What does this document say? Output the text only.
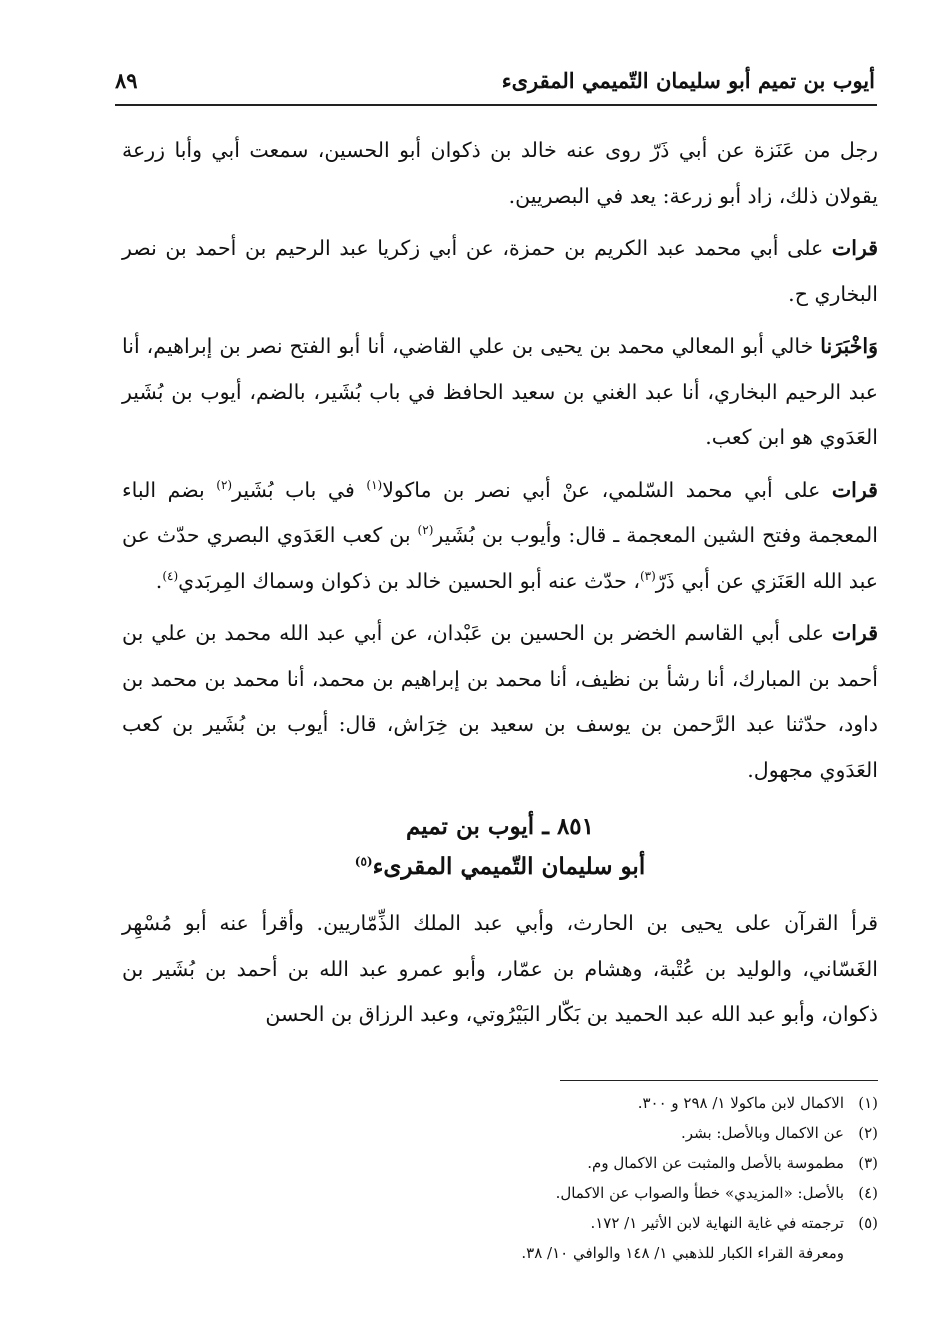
أيوب بن تميم أبو سليمان التّميمي المقرىء
٨٩

رجل من عَنَزة عن أبي ذَرّ روى عنه خالد بن ذكوان أبو الحسين، سمعت أبي وأبا زرعة يقولان ذلك، زاد أبو زرعة: يعد في البصريين.

قرات على أبي محمد عبد الكريم بن حمزة، عن أبي زكريا عبد الرحيم بن أحمد بن نصر البخاري ح.

وَاخْبَرَنا خالي أبو المعالي محمد بن يحيى بن علي القاضي، أنا أبو الفتح نصر بن إبراهيم، أنا عبد الرحيم البخاري، أنا عبد الغني بن سعيد الحافظ في باب بُشَير، بالضم، أيوب بن بُشَير العَدَوي هو ابن كعب.

قرات على أبي محمد السّلمي، عنْ أبي نصر بن ماكولا$^{(١)}$ في باب بُشَير$^{(٢)}$ بضم الباء المعجمة وفتح الشين المعجمة ـ قال: وأيوب بن بُشَير$^{(٢)}$ بن كعب العَدَوي البصري حدّث عن عبد الله العَنَزي عن أبي ذَرّ$^{(٣)}$، حدّث عنه أبو الحسين خالد بن ذكوان وسماك المِربَدي$^{(٤)}$.

قرات على أبي القاسم الخضر بن الحسين بن عَبْدان، عن أبي عبد الله محمد بن علي بن أحمد بن المبارك، أنا رشأ بن نظيف، أنا محمد بن إبراهيم بن محمد، أنا محمد بن محمد بن داود، حدّثنا عبد الرَّحمن بن يوسف بن سعيد بن خِرَاش، قال: أيوب بن بُشَير بن كعب العَدَوي مجهول.

٨٥١ ـ أيوب بن تميم
أبو سليمان التّميمي المقرىء$^{(٥)}$

قرأ القرآن على يحيى بن الحارث، وأبي عبد الملك الذِّمّاريين. وأقرأ عنه أبو مُسْهِر الغَسّاني، والوليد بن عُتْبة، وهشام بن عمّار، وأبو عمرو عبد الله بن أحمد بن بُشَير بن ذكوان، وأبو عبد الله عبد الحميد بن بَكّار البَيْرُوتي، وعبد الرزاق بن الحسن

(١)الاكمال لابن ماكولا ١/ ٢٩٨ و ٣٠٠.
(٢)عن الاكمال وبالأصل: بشر.
(٣)مطموسة بالأصل والمثبت عن الاكمال وم.
(٤)بالأصل: «المزيدي» خطأ والصواب عن الاكمال.
(٥)ترجمته في غاية النهاية لابن الأثير ١/ ١٧٢.
ومعرفة القراء الكبار للذهبي ١/ ١٤٨ والوافي ١٠/ ٣٨.
